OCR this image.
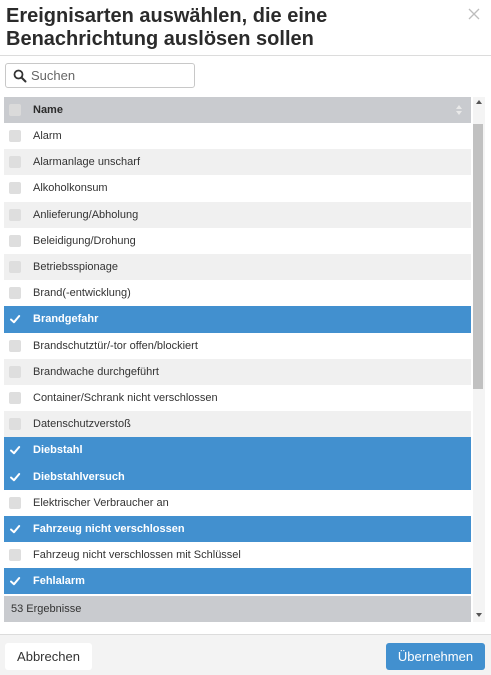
Ereignisarten auswählen, die eine Benachrichtung auslösen sollen
Suchen
Name
Alarm
Alarmanlage unscharf
Alkoholkonsum
Anlieferung/Abholung
Beleidigung/Drohung
Betriebsspionage
Brand(-entwicklung)
Brandgefahr
Brandschutztür/-tor offen/blockiert
Brandwache durchgeführt
Container/Schrank nicht verschlossen
Datenschutzverstoß
Diebstahl
Diebstahlversuch
Elektrischer Verbraucher an
Fahrzeug nicht verschlossen
Fahrzeug nicht verschlossen mit Schlüssel
Fehlalarm
53 Ergebnisse
Abbrechen	Übernehmen
